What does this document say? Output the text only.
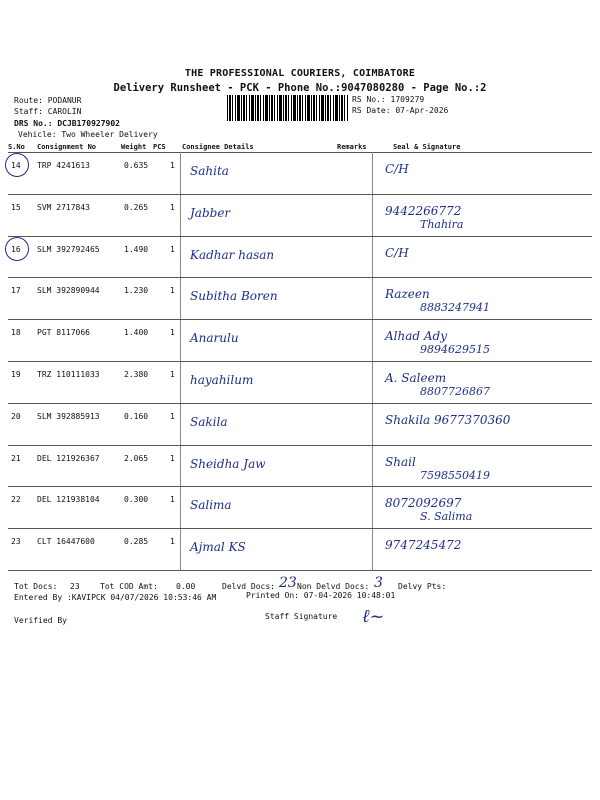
THE PROFESSIONAL COURIERS, COIMBATORE
Delivery Runsheet - PCK - Phone No.:9047080280 - Page No.:2
Route: PODANUR
Staff: CAROLIN
DRS No.: DCJB170927902
Vehicle: Two Wheeler Delivery
RS No.: 1709279
RS Date: 07-Apr-2026
S.No Consignment No	Weight PCS Consignee Details	Remarks	Seal & Signature
14 TRP 4241613	0.635	1 Sahita	C/H
15 SVM 2717843	0.265	1 Jabber	9442266772
Thahira
16 SLM 392792465	1.490	1 Kadhar hasan	C/H
17 SLM 392890944	1.230	1 Subitha Boren	Razeen
8883247941
18 PGT 8117066	1.400	1 Anarulu	Alhad Ady
9894629515
19 TRZ 110111033	2.380	1 hayahilum	A. Saleem
8807726867
20 SLM 392885913	0.160	1 Sakila	Shakila 9677370360
21 DEL 121926367	2.065	1 Sheidha Jaw	Shail
7598550419
22 DEL 121938104	0.300	1 Salima	8072092697
S. Salima
23 CLT 16447600	0.285	1 Ajmal KS	9747245472
Tot Docs: 23	Tot COD Amt: 0.00	Delvd Docs: 23 Non Delvd Docs: 3 Delvy Pts:
Entered By :KAVIPCK 04/07/2026 10:53:46 AM	Printed On: 07-04-2026 10:48:01
Verified By	Staff Signature ℓ~
